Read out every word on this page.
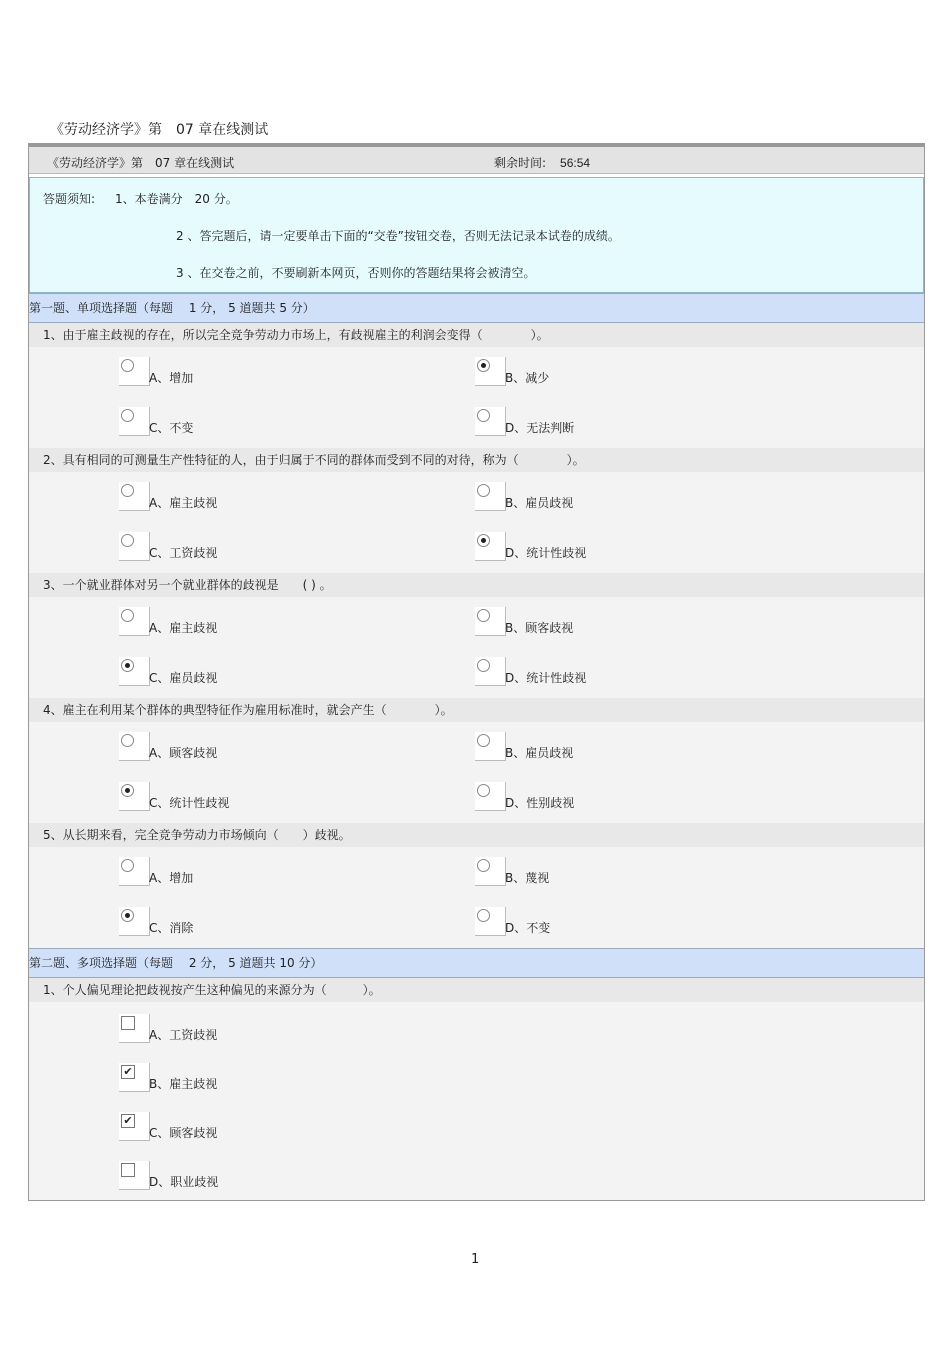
《劳动经济学》第　07 章在线测试
《劳动经济学》第　07 章在线测试	剩余时间: 56:54
答题须知: 1、本卷满分　20 分。
2 、答完题后，请一定要单击下面的“交卷”按钮交卷，否则无法记录本试卷的成绩。
3 、在交卷之前，不要刷新本网页，否则你的答题结果将会被清空。
第一题、单项选择题（每题　 1 分， 5 道题共 5 分）
1、由于雇主歧视的存在，所以完全竞争劳动力市场上，有歧视雇主的利润会变得（　　　　）。
A、增加	B、减少
C、不变	D、无法判断
2、具有相同的可测量生产性特征的人，由于归属于不同的群体而受到不同的对待，称为（　　　　）。
A、雇主歧视	B、雇员歧视
C、工资歧视	D、统计性歧视
3、一个就业群体对另一个就业群体的歧视是　　( ) 。
A、雇主歧视	B、顾客歧视
C、雇员歧视	D、统计性歧视
4、雇主在利用某个群体的典型特征作为雇用标准时，就会产生（　　　　）。
A、顾客歧视	B、雇员歧视
C、统计性歧视	D、性别歧视
5、从长期来看，完全竞争劳动力市场倾向（　　）歧视。
A、增加	B、蔑视
C、消除	D、不变
第二题、多项选择题（每题　 2 分， 5 道题共 10 分）
1、个人偏见理论把歧视按产生这种偏见的来源分为（　　　）。
A、工资歧视
✔
B、雇主歧视
✔
C、顾客歧视
D、职业歧视
1
